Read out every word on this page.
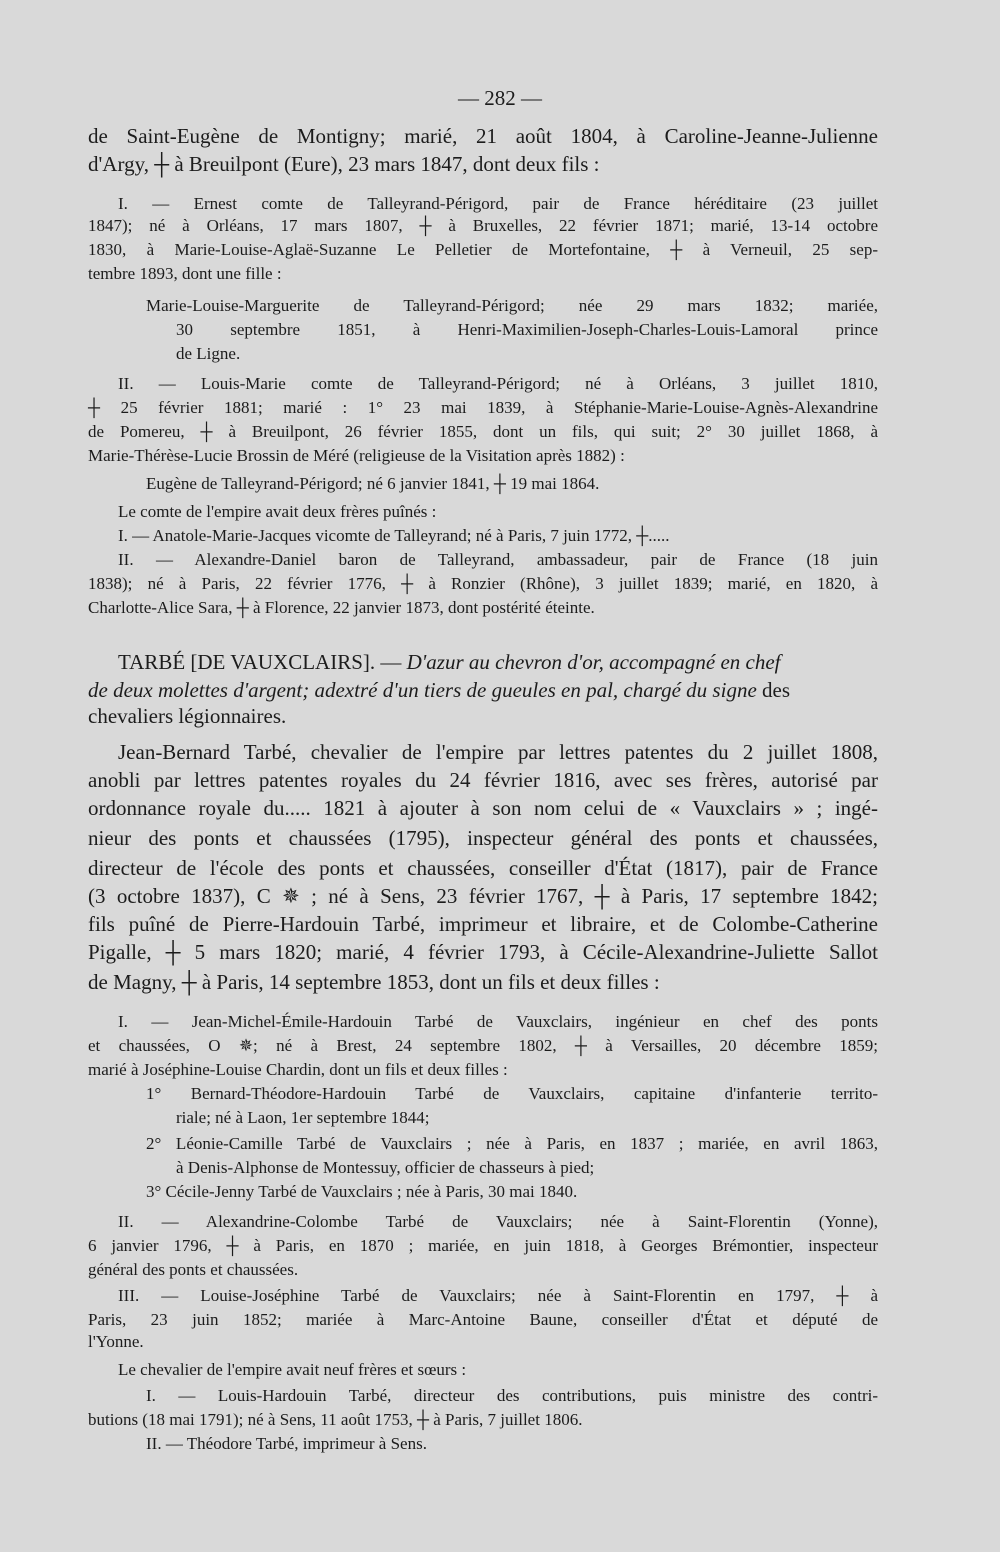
— 282 —

de Saint-Eugène de Montigny; marié, 21 août 1804, à Caroline-Jeanne-Julienne

d'Argy, ┼ à Breuilpont (Eure), 23 mars 1847, dont deux fils :

I. — Ernest comte de Talleyrand-Périgord, pair de France héréditaire (23 juillet

1847); né à Orléans, 17 mars 1807, ┼ à Bruxelles, 22 février 1871; marié, 13-14 octobre

1830, à Marie-Louise-Aglaë-Suzanne Le Pelletier de Mortefontaine, ┼ à Verneuil, 25 sep-

tembre 1893, dont une fille :

Marie-Louise-Marguerite de Talleyrand-Périgord; née 29 mars 1832; mariée,

30 septembre 1851, à Henri-Maximilien-Joseph-Charles-Louis-Lamoral prince

de Ligne.

II. — Louis-Marie comte de Talleyrand-Périgord; né à Orléans, 3 juillet 1810,

┼ 25 février 1881; marié : 1° 23 mai 1839, à Stéphanie-Marie-Louise-Agnès-Alexandrine

de Pomereu, ┼ à Breuilpont, 26 février 1855, dont un fils, qui suit; 2° 30 juillet 1868, à

Marie-Thérèse-Lucie Brossin de Méré (religieuse de la Visitation après 1882) :

Eugène de Talleyrand-Périgord; né 6 janvier 1841, ┼ 19 mai 1864.

Le comte de l'empire avait deux frères puînés :

I. — Anatole-Marie-Jacques vicomte de Talleyrand; né à Paris, 7 juin 1772, ┼.....

II. — Alexandre-Daniel baron de Talleyrand, ambassadeur, pair de France (18 juin

1838); né à Paris, 22 février 1776, ┼ à Ronzier (Rhône), 3 juillet 1839; marié, en 1820, à

Charlotte-Alice Sara, ┼ à Florence, 22 janvier 1873, dont postérité éteinte.

TARBÉ [DE VAUXCLAIRS]. — D'azur au chevron d'or, accompagné en chef

de deux molettes d'argent; adextré d'un tiers de gueules en pal, chargé du signe des

chevaliers légionnaires.

Jean-Bernard Tarbé, chevalier de l'empire par lettres patentes du 2 juillet 1808,

anobli par lettres patentes royales du 24 février 1816, avec ses frères, autorisé par

ordonnance royale du..... 1821 à ajouter à son nom celui de « Vauxclairs » ; ingé-

nieur des ponts et chaussées (1795), inspecteur général des ponts et chaussées,

directeur de l'école des ponts et chaussées, conseiller d'État (1817), pair de France

(3 octobre 1837), C ✵ ; né à Sens, 23 février 1767, ┼ à Paris, 17 septembre 1842;

fils puîné de Pierre-Hardouin Tarbé, imprimeur et libraire, et de Colombe-Catherine

Pigalle, ┼ 5 mars 1820; marié, 4 février 1793, à Cécile-Alexandrine-Juliette Sallot

de Magny, ┼ à Paris, 14 septembre 1853, dont un fils et deux filles :

I. — Jean-Michel-Émile-Hardouin Tarbé de Vauxclairs, ingénieur en chef des ponts

et chaussées, O ✵; né à Brest, 24 septembre 1802, ┼ à Versailles, 20 décembre 1859;

marié à Joséphine-Louise Chardin, dont un fils et deux filles :

1° Bernard-Théodore-Hardouin Tarbé de Vauxclairs, capitaine d'infanterie territo-

riale; né à Laon, 1er septembre 1844;

2° Léonie-Camille Tarbé de Vauxclairs ; née à Paris, en 1837 ; mariée, en avril 1863,

à Denis-Alphonse de Montessuy, officier de chasseurs à pied;

3° Cécile-Jenny Tarbé de Vauxclairs ; née à Paris, 30 mai 1840.

II. — Alexandrine-Colombe Tarbé de Vauxclairs; née à Saint-Florentin (Yonne),

6 janvier 1796, ┼ à Paris, en 1870 ; mariée, en juin 1818, à Georges Brémontier, inspecteur

général des ponts et chaussées.

III. — Louise-Joséphine Tarbé de Vauxclairs; née à Saint-Florentin en 1797, ┼ à

Paris, 23 juin 1852; mariée à Marc-Antoine Baune, conseiller d'État et député de

l'Yonne.

Le chevalier de l'empire avait neuf frères et sœurs :

I. — Louis-Hardouin Tarbé, directeur des contributions, puis ministre des contri-

butions (18 mai 1791); né à Sens, 11 août 1753, ┼ à Paris, 7 juillet 1806.

II. — Théodore Tarbé, imprimeur à Sens.
